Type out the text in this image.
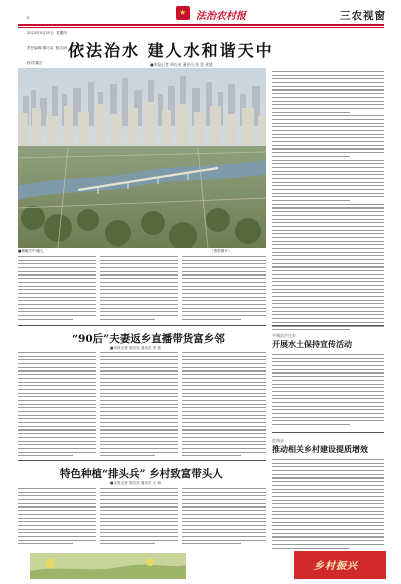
5

2023年5月25日  星期四

责任编辑/胡巧英  版式/孙  聪  校对/

校对/董吉

★ 法治农村报	三农视窗
依法治水 建人水和谐天中
■本报记者 胡巧英 通讯员 张 雷 张俊
■俯瞰天中城区。	（资料图片）
“90后”夫妻返乡直播带货富乡邻
■本报记者 胡巧英 通讯员 李 寒
特色种植“排头兵” 乡村致富带头人
■本报记者 胡巧英 通讯员 王 聪
平舆县芦庄乡
开展水土保持宣传活动
汝南县
推动相关乡村建设提质增效
乡村振兴
